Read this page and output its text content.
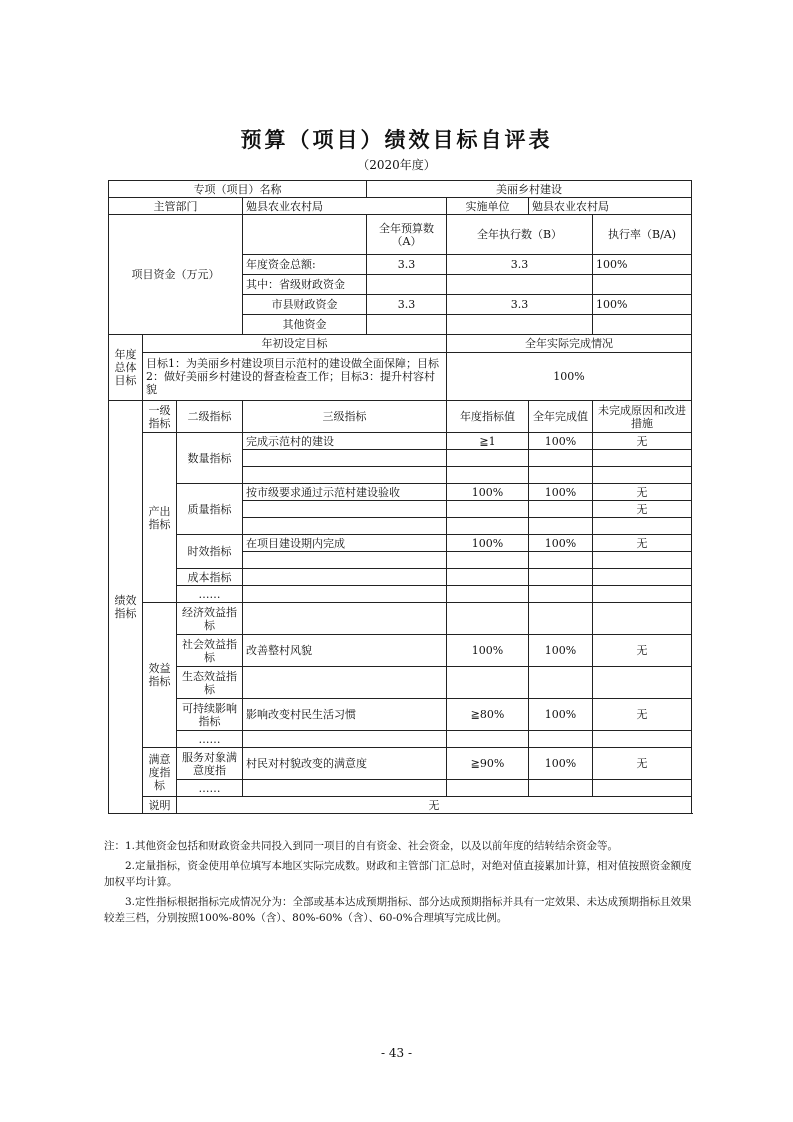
预算（项目）绩效目标自评表
（2020年度）
专项（项目）名称				美丽乡村建设			
主管部门			勉县农业农村局		实施单位	勉县农业农村局	
项目资金（万元）				全年预算数（A）	全年执行数（B）		执行率（B/A)
			年度资金总额:	3.3	3.3		100%
			其中：省级财政资金				
			市县财政资金	3.3	3.3		100%
			其他资金				
年度总体目标	年初设定目标				全年实际完成情况		
	目标1：为美丽乡村建设项目示范村的建设做全面保障；目标2：做好美丽乡村建设的督查检查工作；目标3：提升村容村貌				100%		
绩效指标	一级指标	二级指标	三级指标		年度指标值	全年完成值	未完成原因和改进措施
	产出指标	数量指标	完成示范村的建设		≧1	100%	无

		质量指标	按市级要求通过示范村建设验收		100%	100%	无
							无

		时效指标	在项目建设期内完成		100%	100%	无

		成本指标					
		……					
	效益指标	经济效益指标					
		社会效益指标	改善整村风貌		100%	100%	无
		生态效益指标					
		可持续影响指标	影响改变村民生活习惯		≧80%	100%	无
		……					
	满意度指标	服务对象满意度指	村民对村貌改变的满意度		≧90%	100%	无
		……					
	说明	无					

注：1.其他资金包括和财政资金共同投入到同一项目的自有资金、社会资金，以及以前年度的结转结余资金等。

2.定量指标，资金使用单位填写本地区实际完成数。财政和主管部门汇总时，对绝对值直接累加计算，相对值按照资金额度加权平均计算。

3.定性指标根据指标完成情况分为：全部或基本达成预期指标、部分达成预期指标并具有一定效果、未达成预期指标且效果较差三档，分别按照100%-80%（含）、80%-60%（含）、60-0%合理填写完成比例。

- 43 -
